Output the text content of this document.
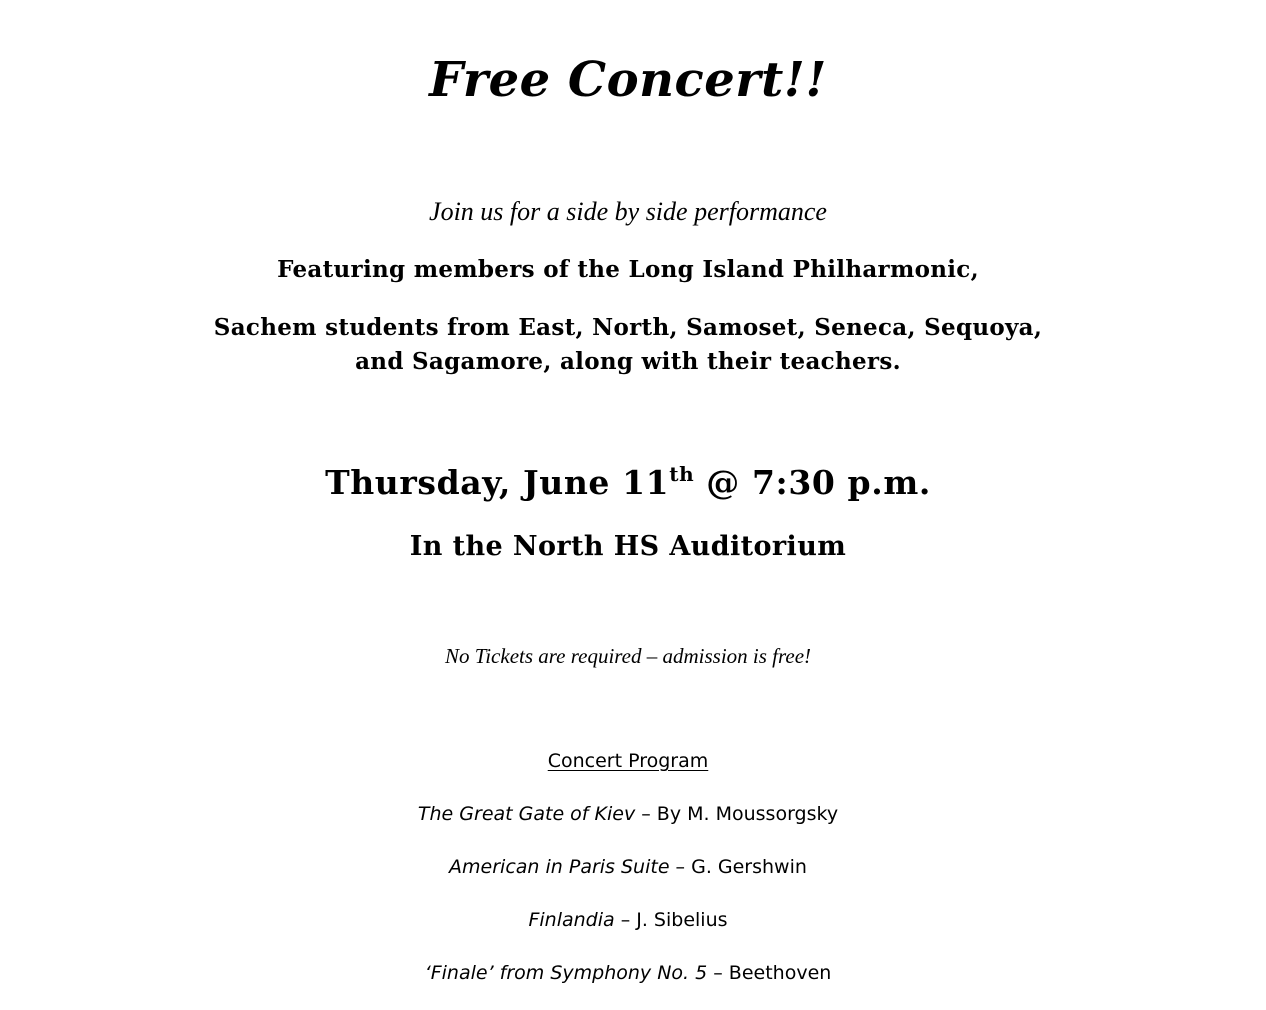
Free Concert!!
Join us for a side by side performance
Featuring members of the Long Island Philharmonic,
Sachem students from East, North, Samoset, Seneca, Sequoya,
and Sagamore, along with their teachers.
Thursday, June 11th @ 7:30 p.m.
In the North HS Auditorium
No Tickets are required – admission is free!
Concert Program
The Great Gate of Kiev – By M. Moussorgsky
American in Paris Suite – G. Gershwin
Finlandia – J. Sibelius
‘Finale’ from Symphony No. 5 – Beethoven
